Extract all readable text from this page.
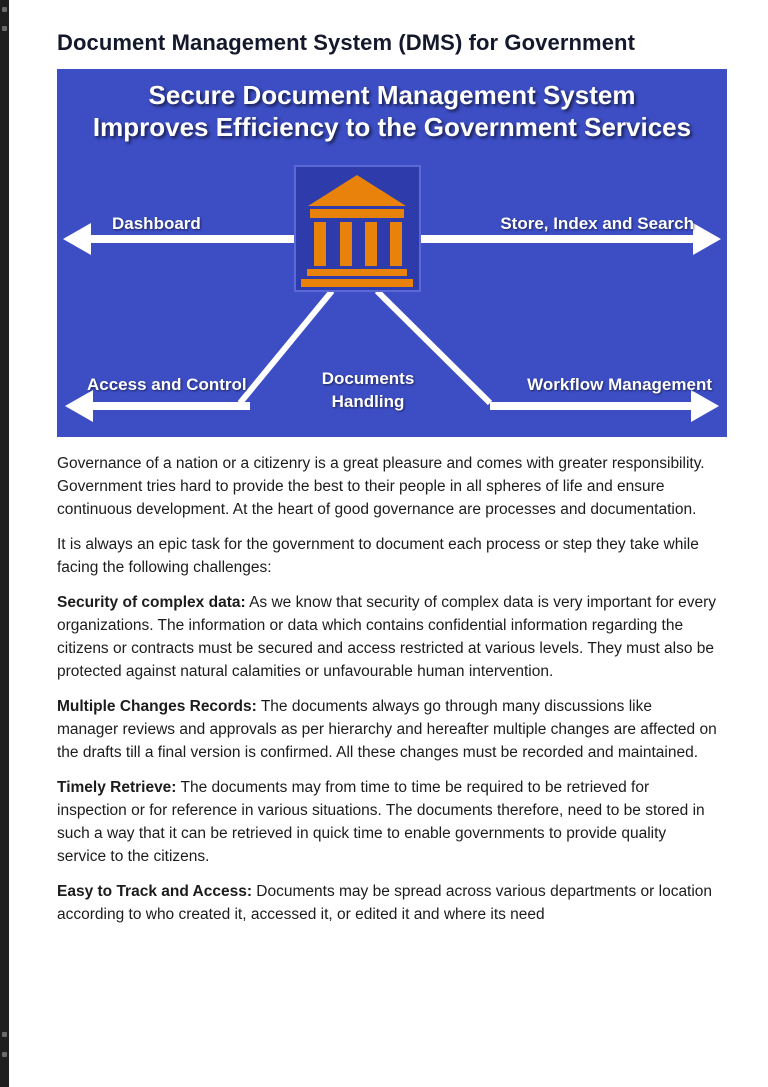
Document Management System (DMS) for Government
Secure Document Management System
Improves Efficiency to the Government Services
Dashboard	Store, Index and Search
Access and Control	Documents
Handling
Workflow Management

Governance of a nation or a citizenry is a great pleasure and comes with greater responsibility. Government tries hard to provide the best to their people in all spheres of life and ensure continuous development. At the heart of good governance are processes and documentation.

It is always an epic task for the government to document each process or step they take while facing the following challenges:

Security of complex data: As we know that security of complex data is very important for every organizations. The information or data which contains confidential information regarding the citizens or contracts must be secured and access restricted at various levels. They must also be protected against natural calamities or unfavourable human intervention.

Multiple Changes Records: The documents always go through many discussions like manager reviews and approvals as per hierarchy and hereafter multiple changes are affected on the drafts till a final version is confirmed. All these changes must be recorded and maintained.

Timely Retrieve: The documents may from time to time be required to be retrieved for inspection or for reference in various situations. The documents therefore, need to be stored in such a way that it can be retrieved in quick time to enable governments to provide quality service to the citizens.

Easy to Track and Access: Documents may be spread across various departments or location according to who created it, accessed it, or edited it and where its need
